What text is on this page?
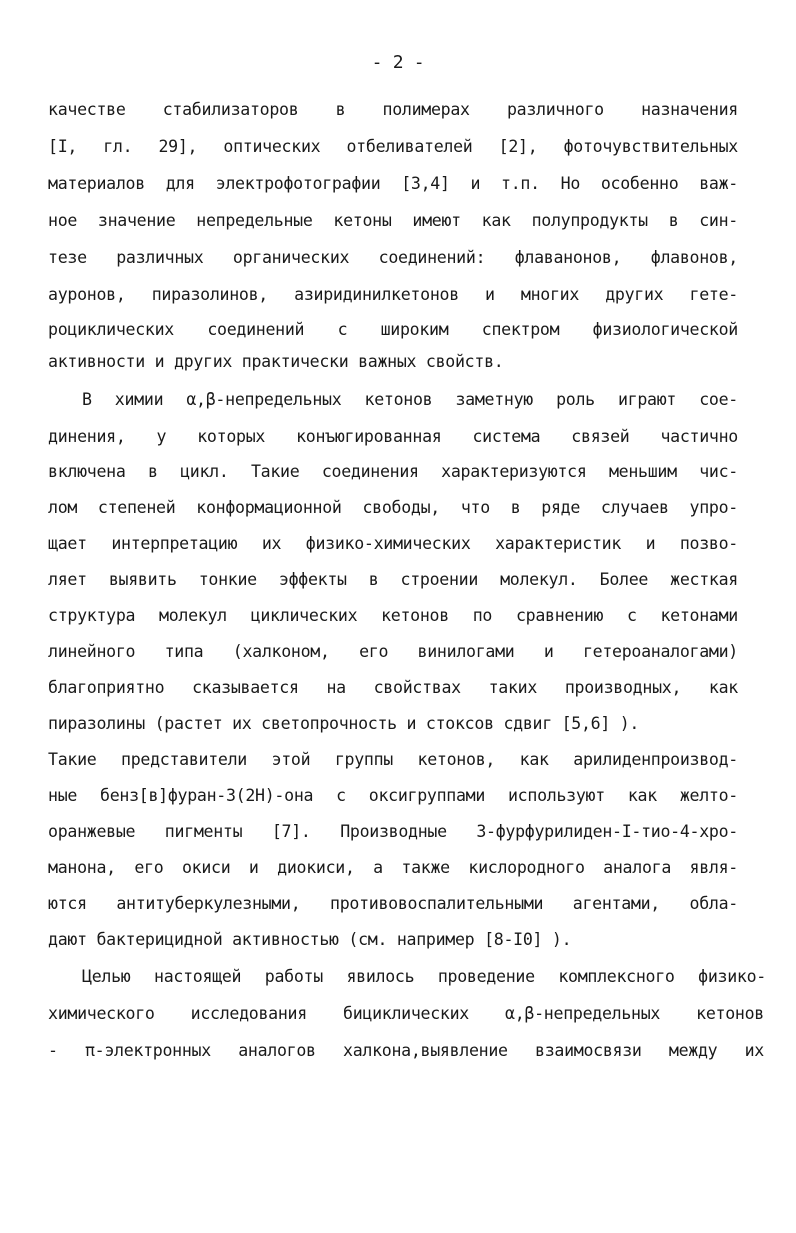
- 2 -
качестве стабилизаторов в полимерах различного назначения
[I, гл. 29], оптических отбеливателей [2], фоточувствительных
материалов для электрофотографии [3,4] и т.п. Но особенно важ-
ное значение непредельные кетоны имеют как полупродукты в син-
тезе различных органических соединений: флаванонов, флавонов,
ауронов, пиразолинов, азиридинилкетонов и многих других гете-
роциклических соединений с широким спектром физиологической
активности и других практически важных свойств.
В химии α,β-непредельных кетонов заметную роль играют сое-
динения, у которых конъюгированная система связей частично
включена в цикл. Такие соединения характеризуются меньшим чис-
лом степеней конформационной свободы, что в ряде случаев упро-
щает интерпретацию их физико-химических характеристик и позво-
ляет выявить тонкие эффекты в строении молекул. Более жесткая
структура молекул циклических кетонов по сравнению с кетонами
линейного типа (халконом, его винилогами и гетероаналогами)
благоприятно сказывается на свойствах таких производных, как
пиразолины (растет их светопрочность и стоксов сдвиг [5,6] ).
Такие представители этой группы кетонов, как арилиденпроизвод-
ные бенз[в]фуран-3(2Н)-она с оксигруппами используют как желто-
оранжевые пигменты [7]. Производные 3-фурфурилиден-I-тио-4-хро-
манона, его окиси и диокиси, а также кислородного аналога явля-
ются антитуберкулезными, противовоспалительными агентами, обла-
дают бактерицидной активностью (см. например [8-I0] ).
Целью настоящей работы явилось проведение комплексного физико-
химического исследования бициклических α,β-непредельных кетонов
- π-электронных аналогов халкона,выявление взаимосвязи между их
